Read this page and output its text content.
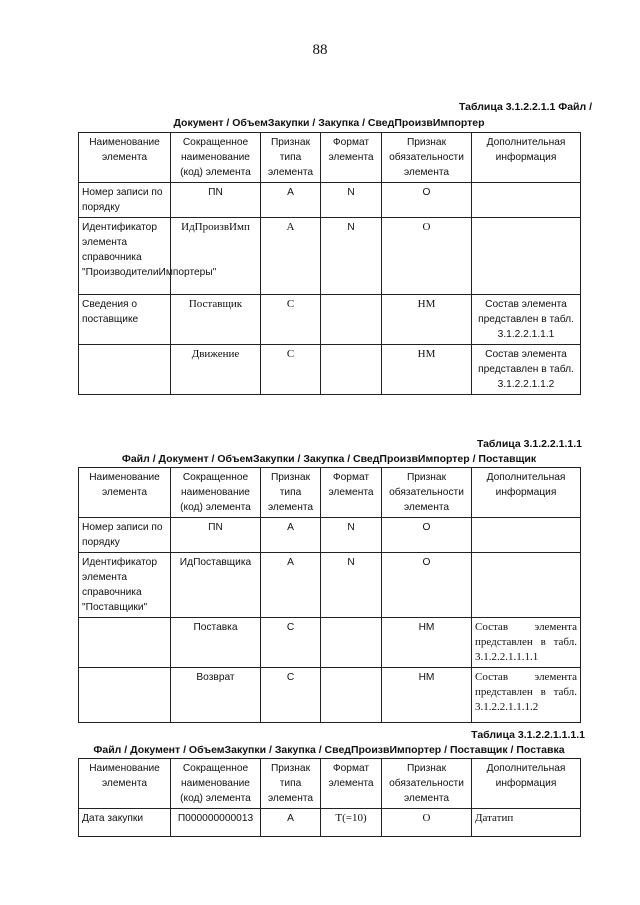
88
Таблица 3.1.2.2.1.1 Файл /
Документ / ОбъемЗакупки / Закупка / СведПроизвИмпортер
Наименование элемента	Сокращенное наименование (код) элемента	Признак типа элемента	Формат элемента	Признак обязательности элемента	Дополнительная информация
Номер записи по порядку	ПN	А	N	О	
Идентификатор элемента справочника "ПроизводителиИмпортеры"	ИдПроизвИмп	А	N	О	
Сведения о поставщике	Поставщик	С		НМ	Состав элемента представлен в табл. 3.1.2.2.1.1.1
	Движение	С		НМ	Состав элемента представлен в табл. 3.1.2.2.1.1.2
Таблица 3.1.2.2.1.1.1
Файл / Документ / ОбъемЗакупки / Закупка / СведПроизвИмпортер / Поставщик
Наименование элемента	Сокращенное наименование (код) элемента	Признак типа элемента	Формат элемента	Признак обязательности элемента	Дополнительная информация
Номер записи по порядку	ПN	А	N	О	
Идентификатор элемента справочника "Поставщики"	ИдПоставщика	А	N	О	
	Поставка	С		НМ	Состав элемента представлен в табл. 3.1.2.2.1.1.1.1
	Возврат	С		НМ	Состав элемента представлен в табл. 3.1.2.2.1.1.1.2
Таблица 3.1.2.2.1.1.1.1
Файл / Документ / ОбъемЗакупки / Закупка / СведПроизвИмпортер / Поставщик / Поставка
Наименование элемента	Сокращенное наименование (код) элемента	Признак типа элемента	Формат элемента	Признак обязательности элемента	Дополнительная информация
Дата закупки	П000000000013	А	T(=10)	О	Дататип
